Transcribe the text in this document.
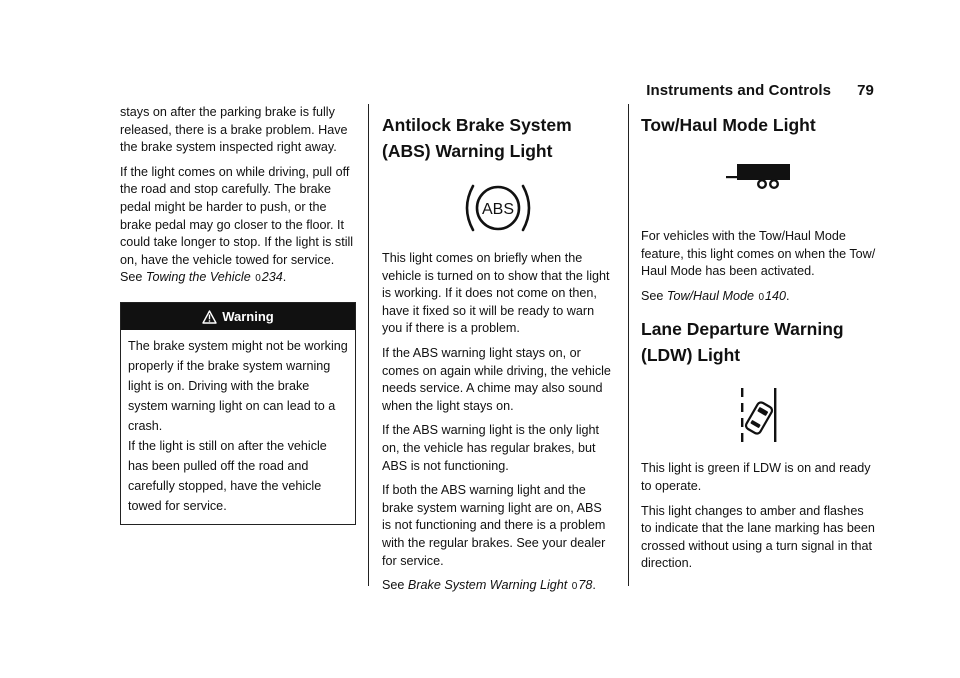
Instruments and Controls 79

stays on after the parking brake is fully released, there is a brake problem. Have the brake system inspected right away.

If the light comes on while driving, pull off the road and stop carefully. The brake pedal might be harder to push, or the brake pedal may go closer to the floor. It could take longer to stop. If the light is still on, have the vehicle towed for service. See Towing the Vehicle 0234.

Warning
The brake system might not be working properly if the brake system warning light is on. Driving with the brake system warning light on can lead to a crash.
If the light is still on after the vehicle has been pulled off the road and carefully stopped, have the vehicle towed for service.
Antilock Brake System (ABS) Warning Light
ABS

This light comes on briefly when the vehicle is turned on to show that the light is working. If it does not come on then, have it fixed so it will be ready to warn you if there is a problem.

If the ABS warning light stays on, or comes on again while driving, the vehicle needs service. A chime may also sound when the light stays on.

If the ABS warning light is the only light on, the vehicle has regular brakes, but ABS is not functioning.

If both the ABS warning light and the brake system warning light are on, ABS is not functioning and there is a problem with the regular brakes. See your dealer for service.

See Brake System Warning Light 078.

Tow/Haul Mode Light

For vehicles with the Tow/Haul Mode feature, this light comes on when the Tow/ Haul Mode has been activated.

See Tow/Haul Mode 0140.

Lane Departure Warning (LDW) Light

This light is green if LDW is on and ready to operate.

This light changes to amber and flashes to indicate that the lane marking has been crossed without using a turn signal in that direction.
